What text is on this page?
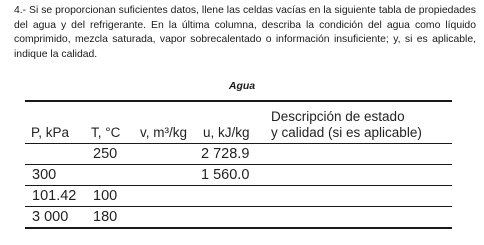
4.- Si se proporcionan suficientes datos, llene las celdas vacías en la siguiente tabla de propiedades del agua y del refrigerante. En la última columna, describa la condición del agua como líquido comprimido, mezcla saturada, vapor sobrecalentado o información insuficiente; y, si es aplicable, indique la calidad.
Agua
P, kPa T, °C v, m³/kg u, kJ/kg
Descripción de estado
y calidad (si es aplicable)
250	2 728.9
300	1 560.0
101.42 100
3 000 180
